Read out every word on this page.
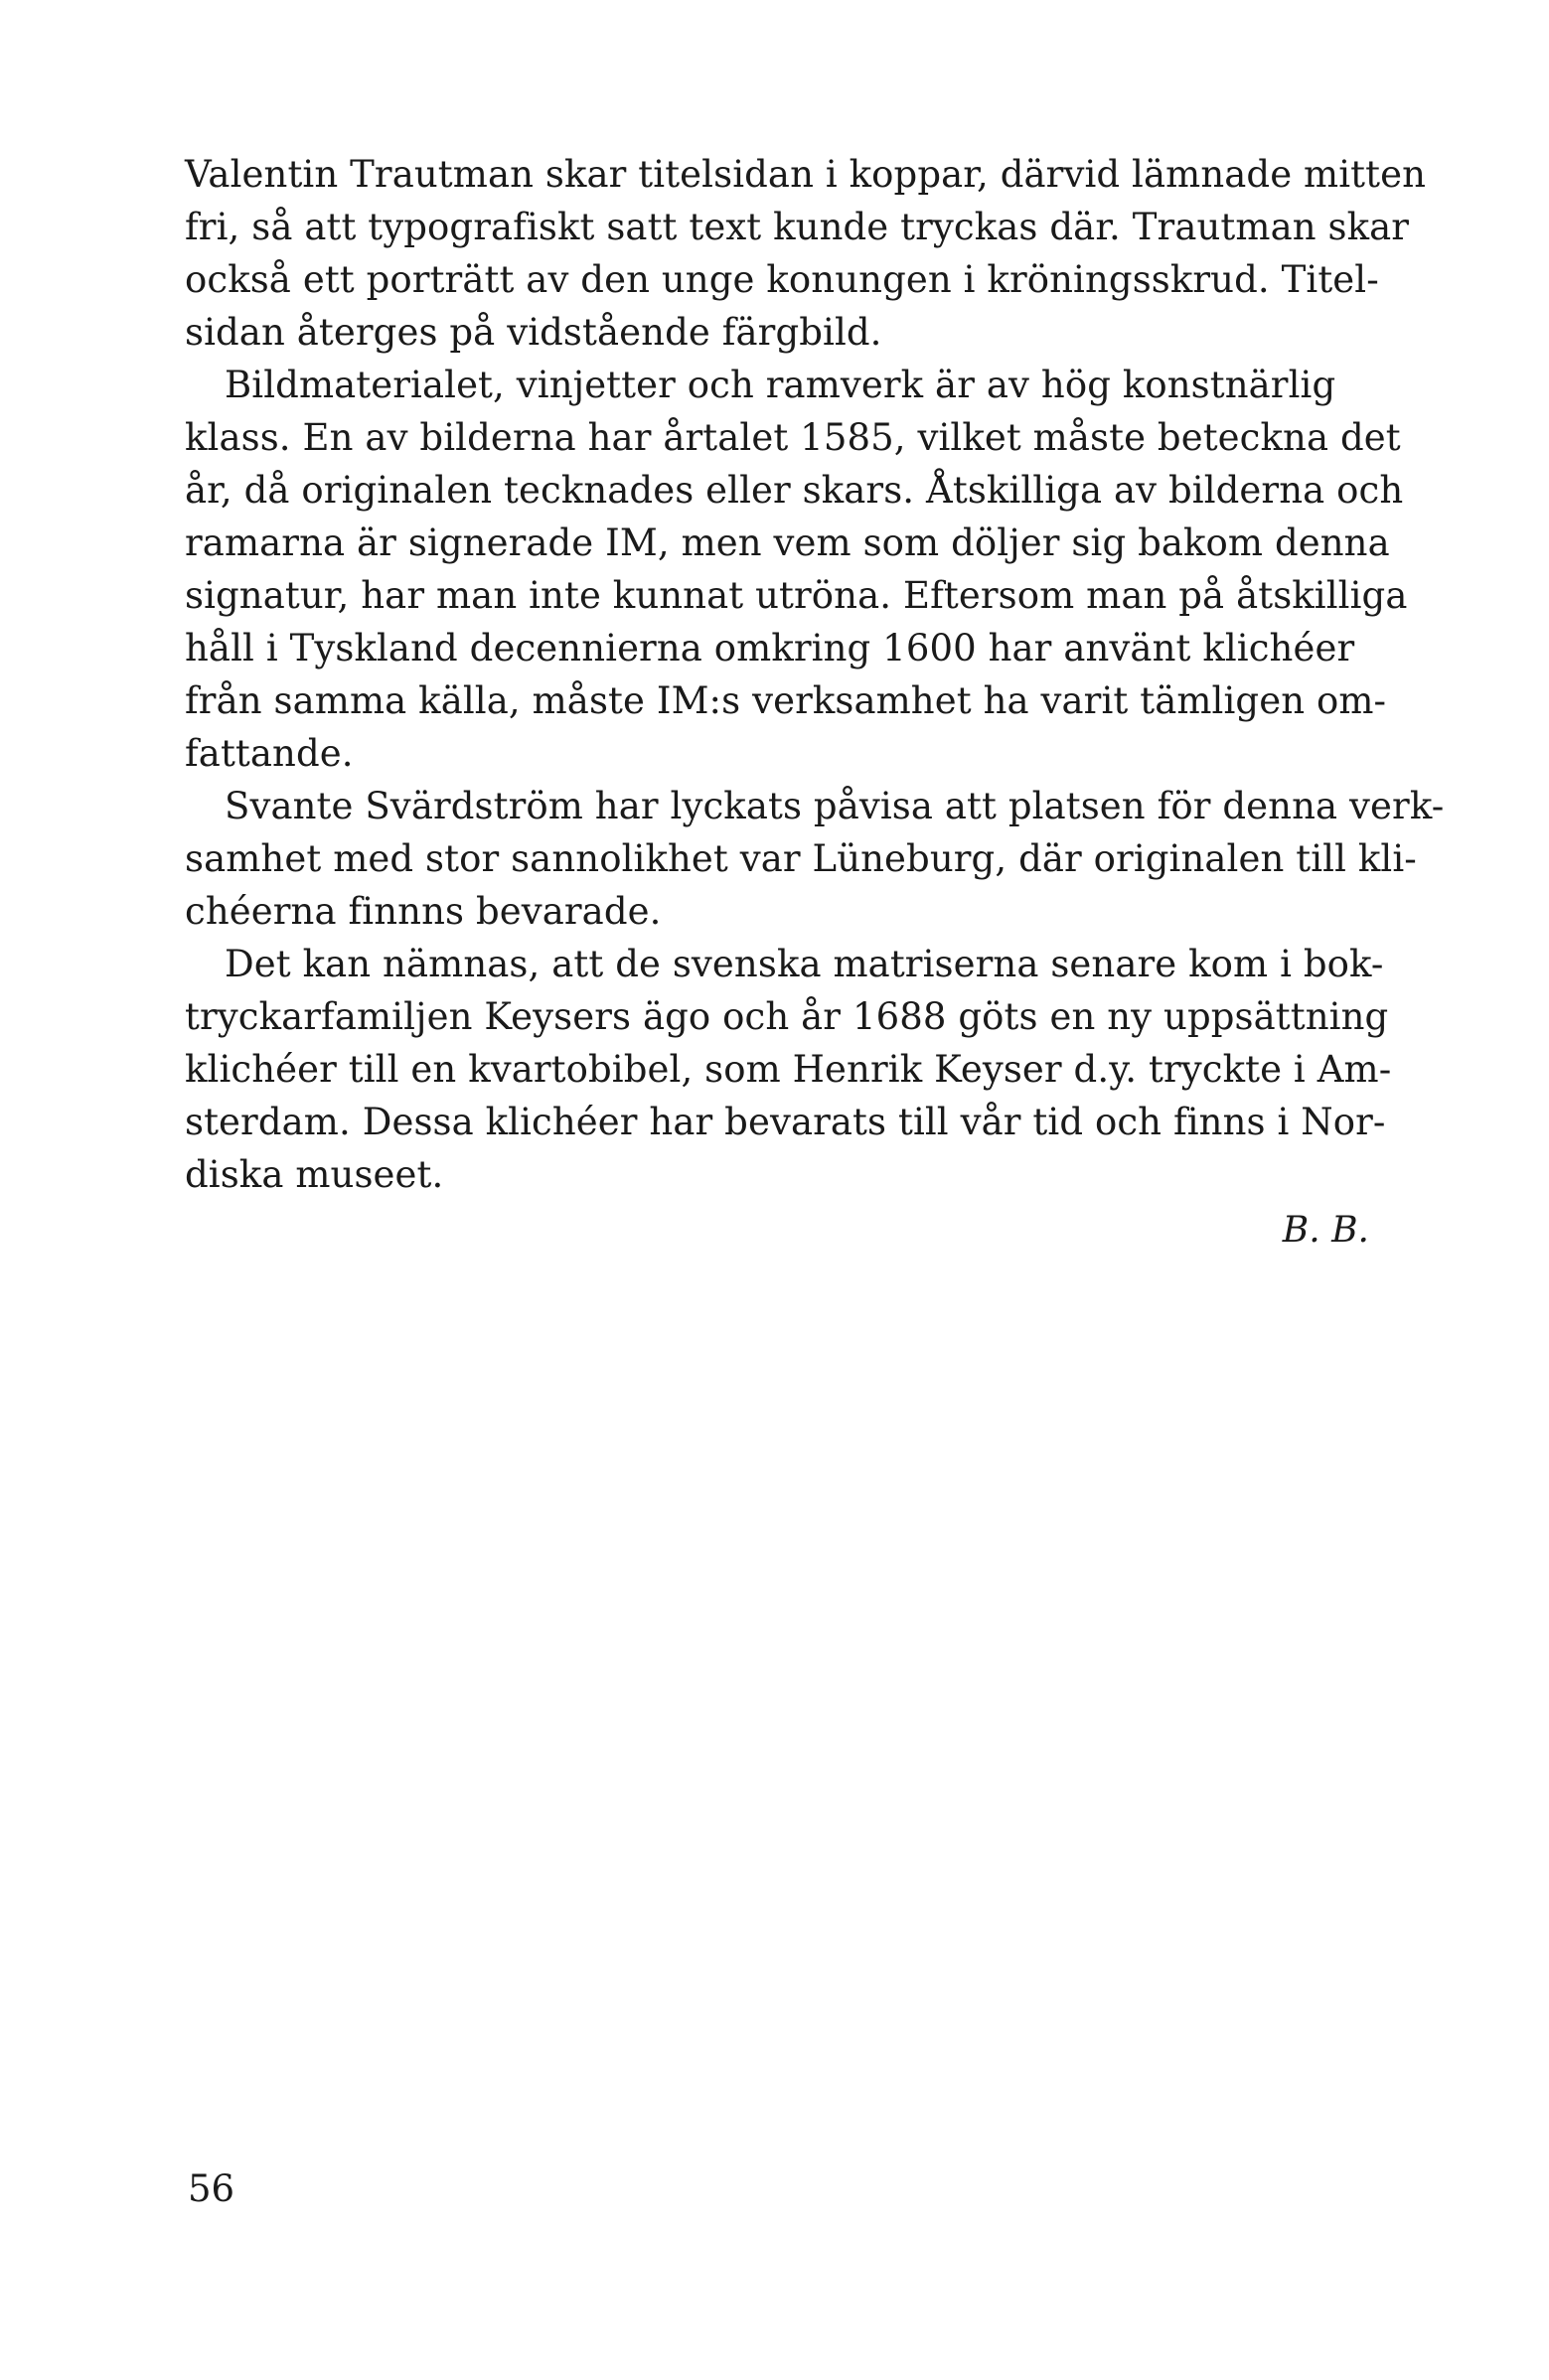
Valentin Trautman skar titelsidan i koppar, därvid lämnade mitten
fri, så att typografiskt satt text kunde tryckas där. Trautman skar
också ett porträtt av den unge konungen i kröningsskrud. Titel-
sidan återges på vidstående färgbild.
Bildmaterialet, vinjetter och ramverk är av hög konstnärlig
klass. En av bilderna har årtalet 1585, vilket måste beteckna det
år, då originalen tecknades eller skars. Åtskilliga av bilderna och
ramarna är signerade IM, men vem som döljer sig bakom denna
signatur, har man inte kunnat utröna. Eftersom man på åtskilliga
håll i Tyskland decennierna omkring 1600 har använt klichéer
från samma källa, måste IM:s verksamhet ha varit tämligen om-
fattande.
Svante Svärdström har lyckats påvisa att platsen för denna verk-
samhet med stor sannolikhet var Lüneburg, där originalen till kli-
chéerna finnns bevarade.
Det kan nämnas, att de svenska matriserna senare kom i bok-
tryckarfamiljen Keysers ägo och år 1688 göts en ny uppsättning
klichéer till en kvartobibel, som Henrik Keyser d.y. tryckte i Am-
sterdam. Dessa klichéer har bevarats till vår tid och finns i Nor-
diska museet.
B. B.
56
